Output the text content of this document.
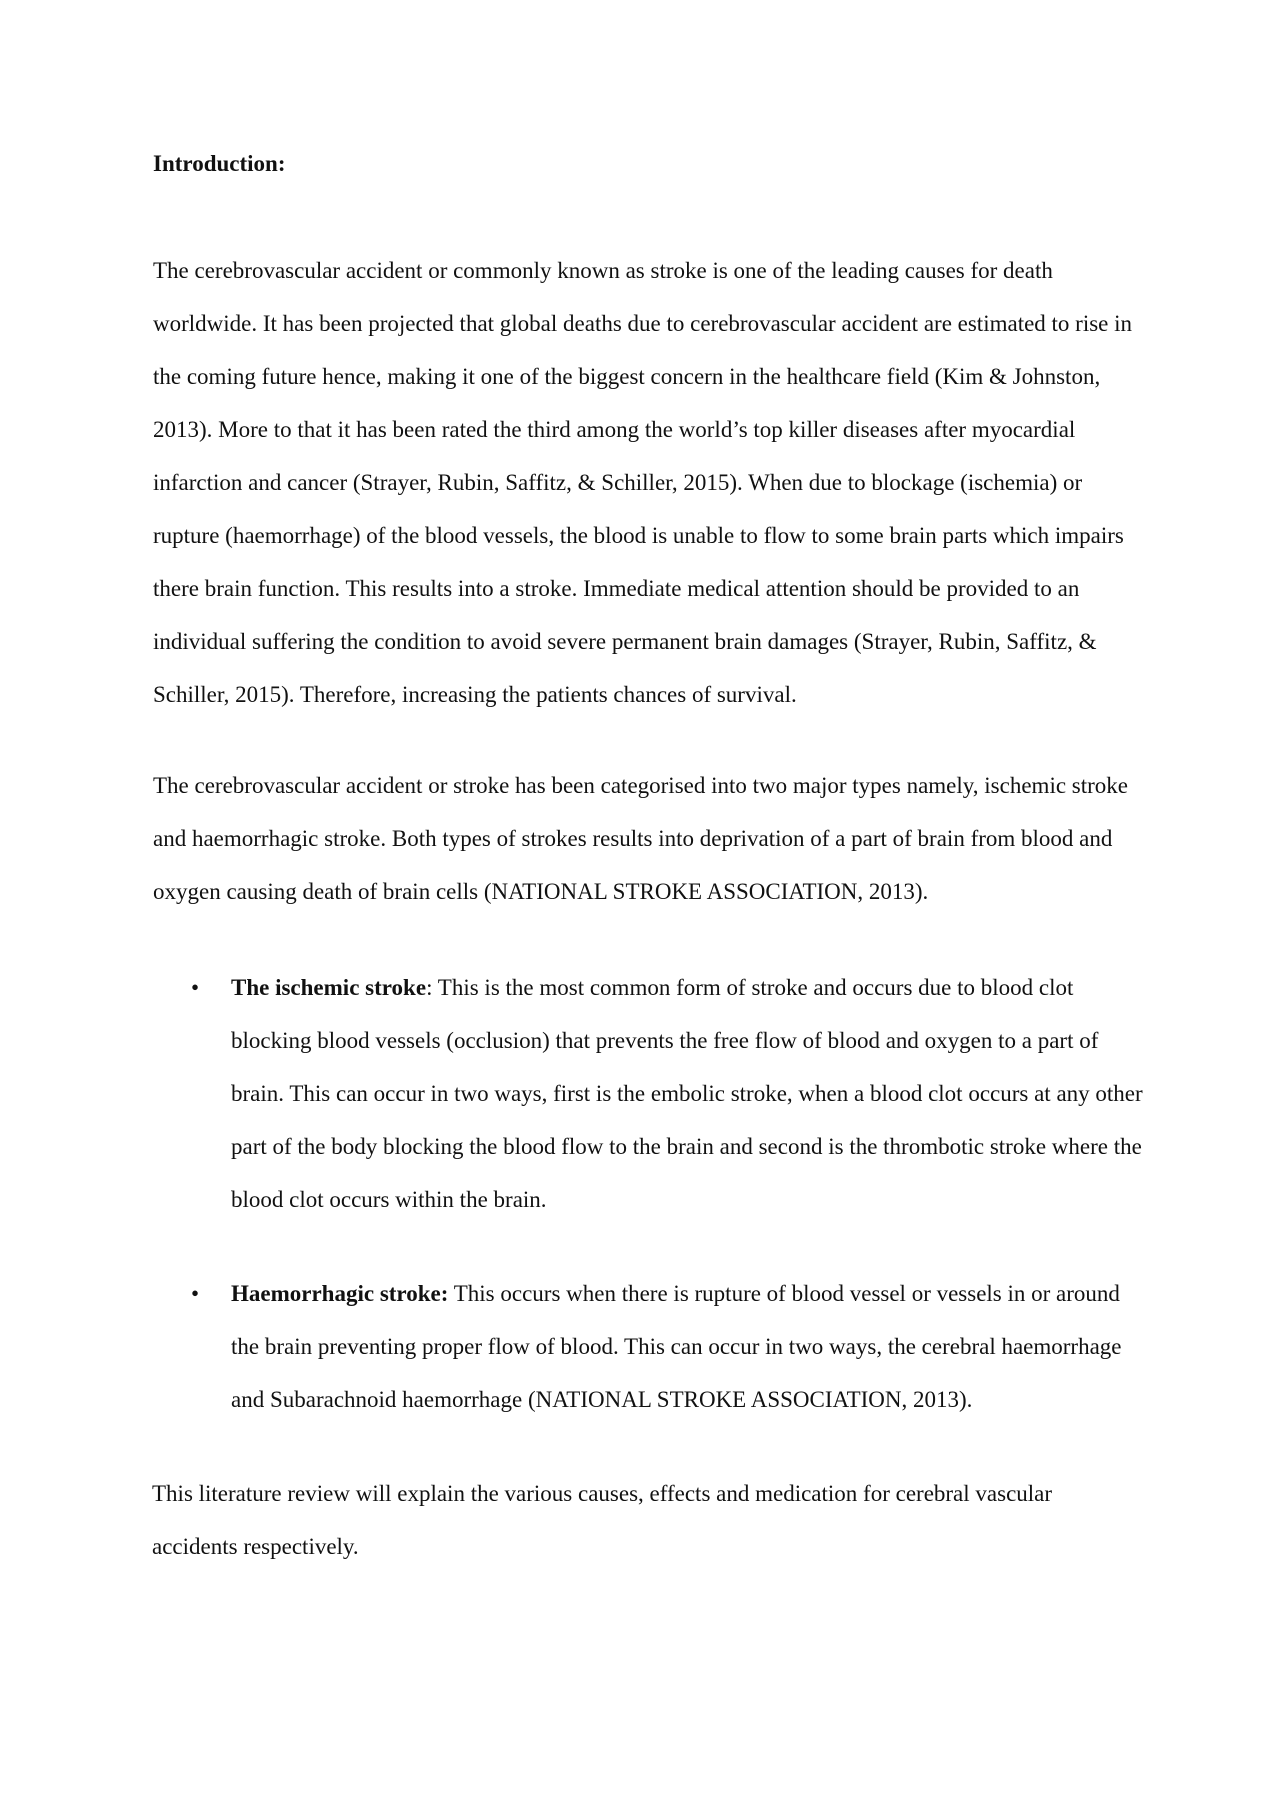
Introduction:

The cerebrovascular accident or commonly known as stroke is one of the leading causes for death worldwide. It has been projected that global deaths due to cerebrovascular accident are estimated to rise in the coming future hence, making it one of the biggest concern in the healthcare field (Kim & Johnston, 2013). More to that it has been rated the third among the world’s top killer diseases after myocardial infarction and cancer (Strayer, Rubin, Saffitz, & Schiller, 2015). When due to blockage (ischemia) or rupture (haemorrhage) of the blood vessels, the blood is unable to flow to some brain parts which impairs there brain function. This results into a stroke. Immediate medical attention should be provided to an individual suffering the condition to avoid severe permanent brain damages (Strayer, Rubin, Saffitz, & Schiller, 2015). Therefore, increasing the patients chances of survival.

The cerebrovascular accident or stroke has been categorised into two major types namely, ischemic stroke and haemorrhagic stroke. Both types of strokes results into deprivation of a part of brain from blood and oxygen causing death of brain cells (NATIONAL STROKE ASSOCIATION, 2013).

•	The ischemic stroke: This is the most common form of stroke and occurs due to blood clot blocking blood vessels (occlusion) that prevents the free flow of blood and oxygen to a part of brain. This can occur in two ways, first is the embolic stroke, when a blood clot occurs at any other part of the body blocking the blood flow to the brain and second is the thrombotic stroke where the blood clot occurs within the brain.
•	Haemorrhagic stroke: This occurs when there is rupture of blood vessel or vessels in or around the brain preventing proper flow of blood. This can occur in two ways, the cerebral haemorrhage and Subarachnoid haemorrhage (NATIONAL STROKE ASSOCIATION, 2013).

This literature review will explain the various causes, effects and medication for cerebral vascular accidents respectively.
